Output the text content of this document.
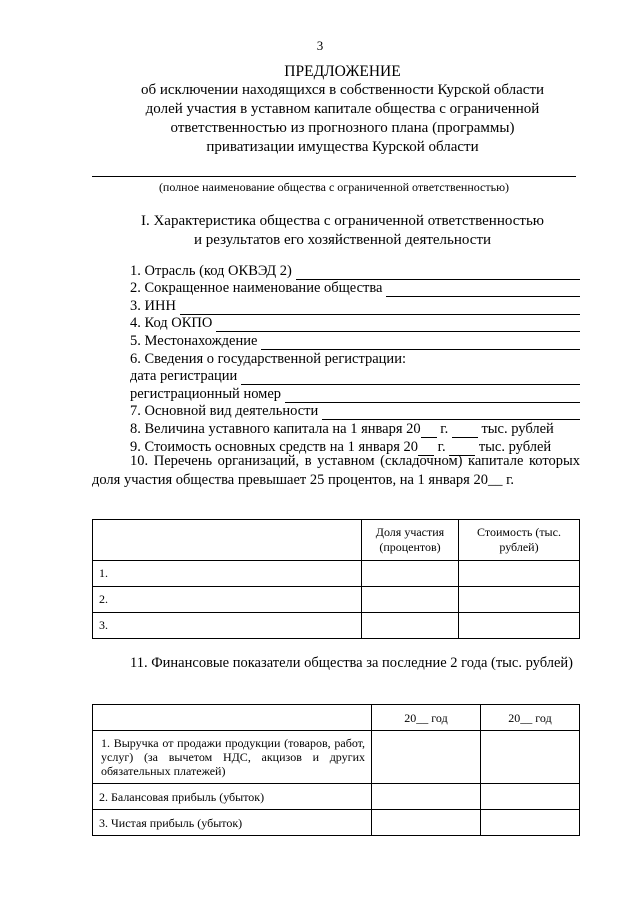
3
ПРЕДЛОЖЕНИЕ
об исключении находящихся в собственности Курской области
долей участия в уставном капитале общества с ограниченной
ответственностью из прогнозного плана (программы)
приватизации имущества Курской области
(полное наименование общества с ограниченной ответственностью)
I. Характеристика общества с ограниченной ответственностью
и результатов его хозяйственной деятельности
1. Отрасль (код ОКВЭД 2)
2. Сокращенное наименование общества
3. ИНН
4. Код ОКПО
5. Местонахождение
6. Сведения о государственной регистрации:
дата регистрации
регистрационный номер
7. Основной вид деятельности
8. Величина уставного капитала на 1 января 20
г.

тыс. рублей
9. Стоимость основных средств на 1 января 20
г.

тыс. рублей
10. Перечень организаций, в уставном (складочном) капитале которых доля участия общества превышает 25 процентов, на 1 января 20__ г.
	Доля участия (процентов)	Стоимость (тыс. рублей)
1.		
2.		
3.		
11. Финансовые показатели общества за последние 2 года (тыс. рублей)
	20__ год	20__ год
1. Выручка от продажи продукции (товаров, работ, услуг) (за вычетом НДС, акцизов и других обязательных платежей)		
2. Балансовая прибыль (убыток)		
3. Чистая прибыль (убыток)		
